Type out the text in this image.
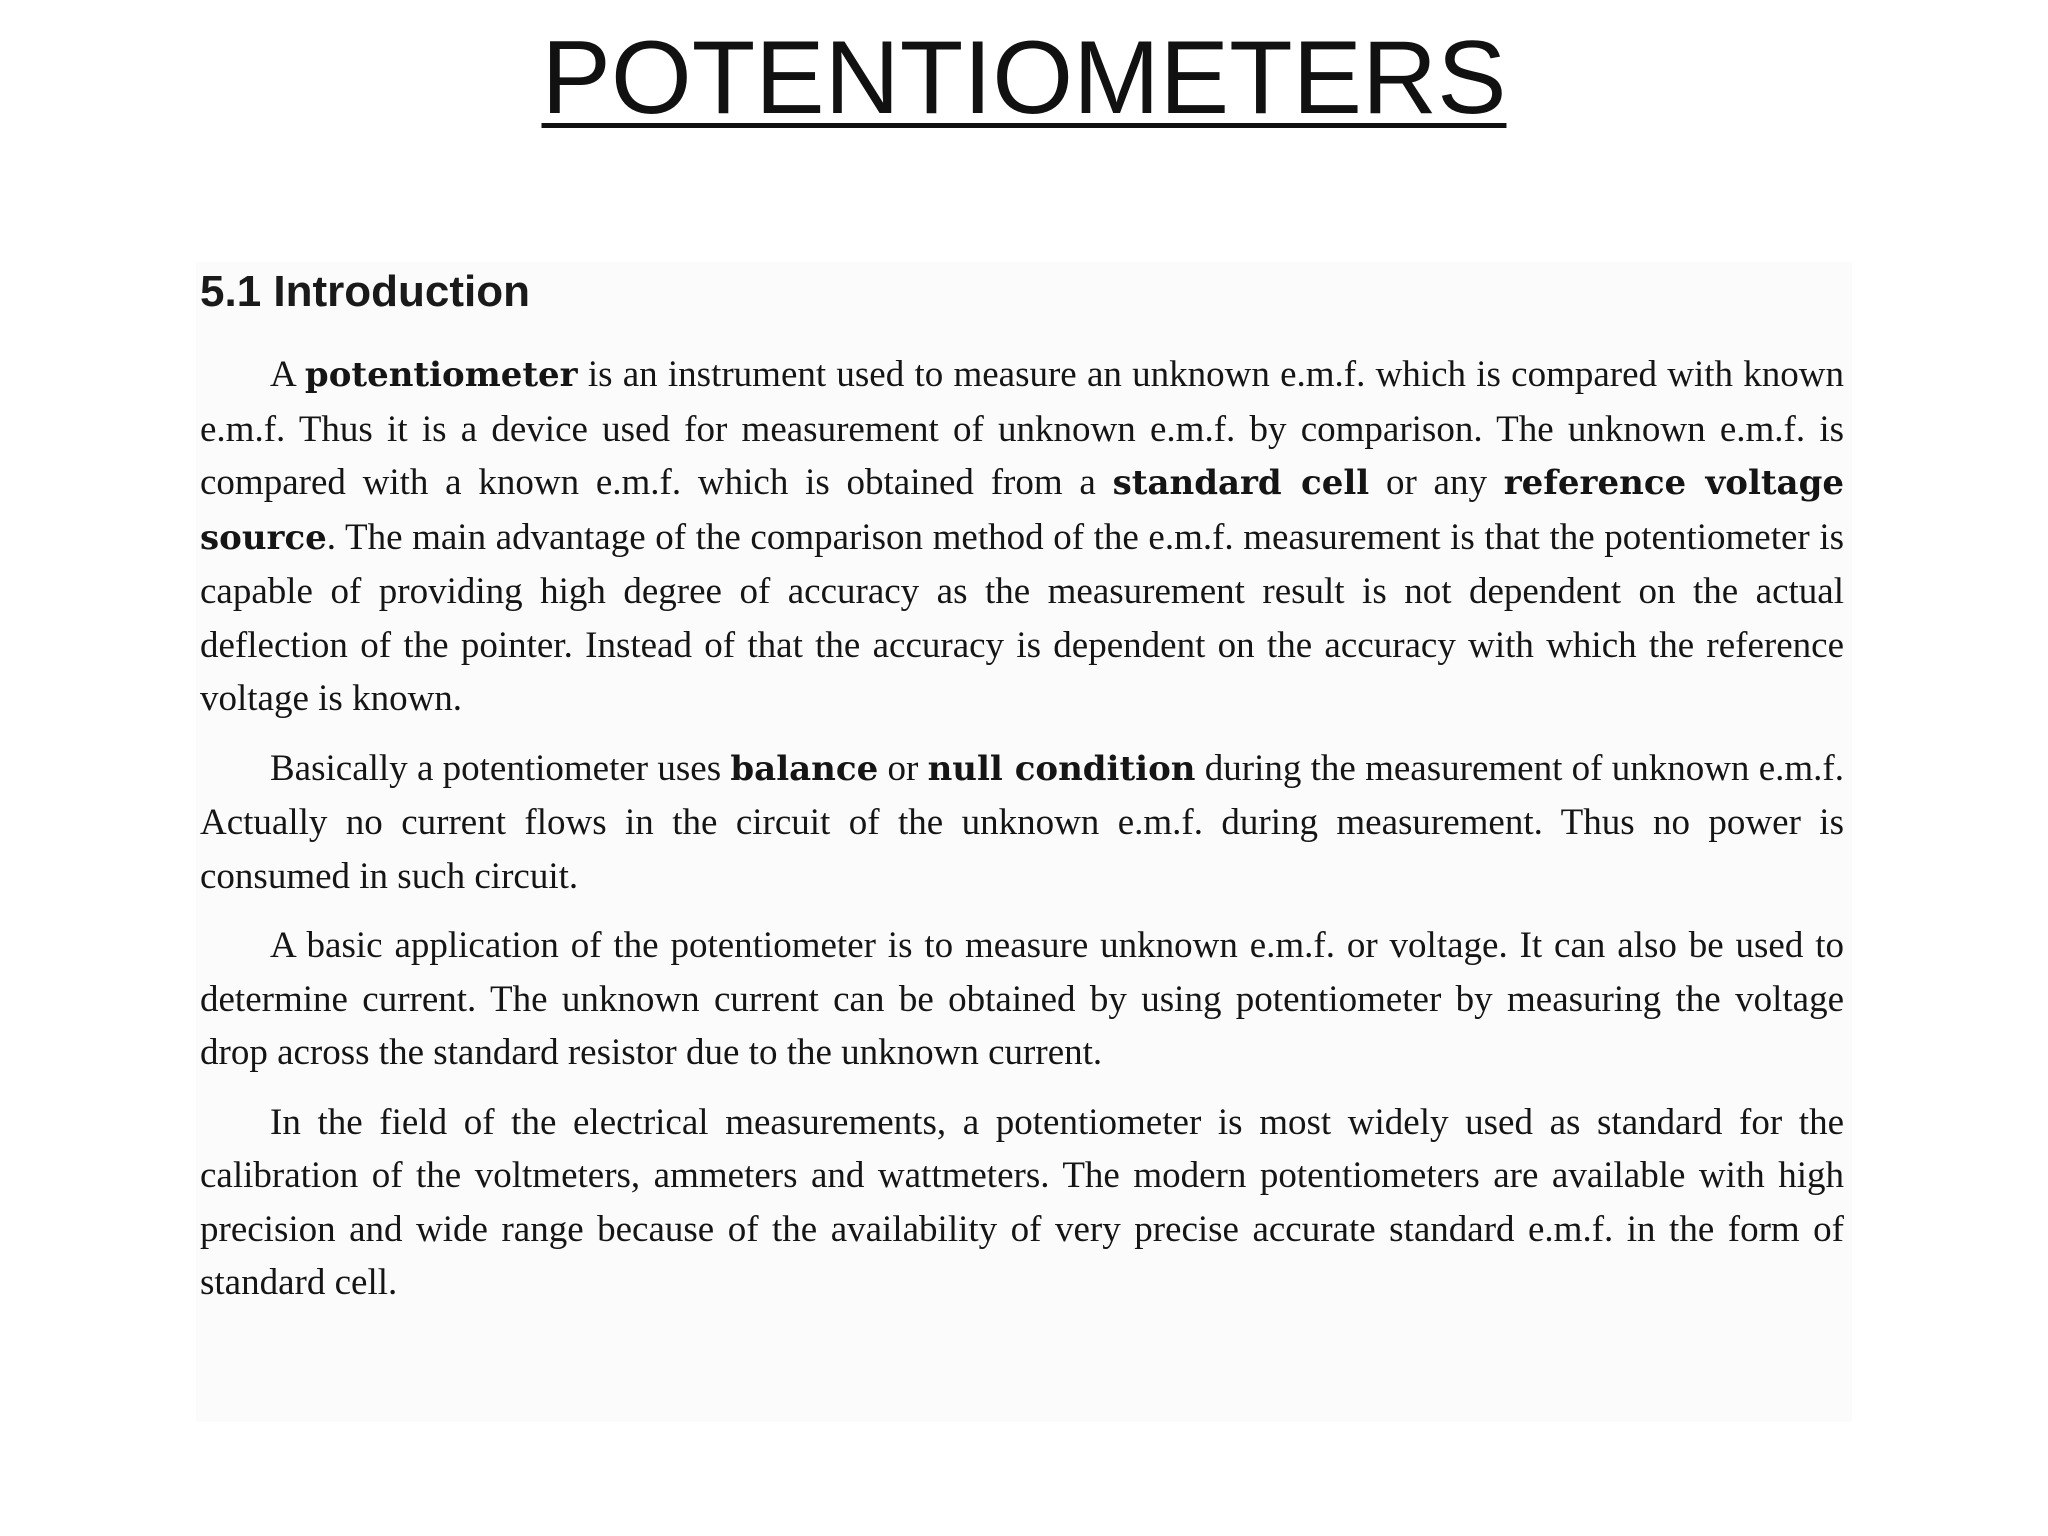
POTENTIOMETERS
5.1 Introduction

A potentiometer is an instrument used to measure an unknown e.m.f. which is compared with known e.m.f. Thus it is a device used for measurement of unknown e.m.f. by comparison. The unknown e.m.f. is compared with a known e.m.f. which is obtained from a standard cell or any reference voltage source. The main advantage of the comparison method of the e.m.f. measurement is that the potentiometer is capable of providing high degree of accuracy as the measurement result is not dependent on the actual deflection of the pointer. Instead of that the accuracy is dependent on the accuracy with which the reference voltage is known.

Basically a potentiometer uses balance or null condition during the measurement of unknown e.m.f. Actually no current flows in the circuit of the unknown e.m.f. during measurement. Thus no power is consumed in such circuit.

A basic application of the potentiometer is to measure unknown e.m.f. or voltage. It can also be used to determine current. The unknown current can be obtained by using potentiometer by measuring the voltage drop across the standard resistor due to the unknown current.

In the field of the electrical measurements, a potentiometer is most widely used as standard for the calibration of the voltmeters, ammeters and wattmeters. The modern potentiometers are available with high precision and wide range because of the availability of very precise accurate standard e.m.f. in the form of standard cell.
